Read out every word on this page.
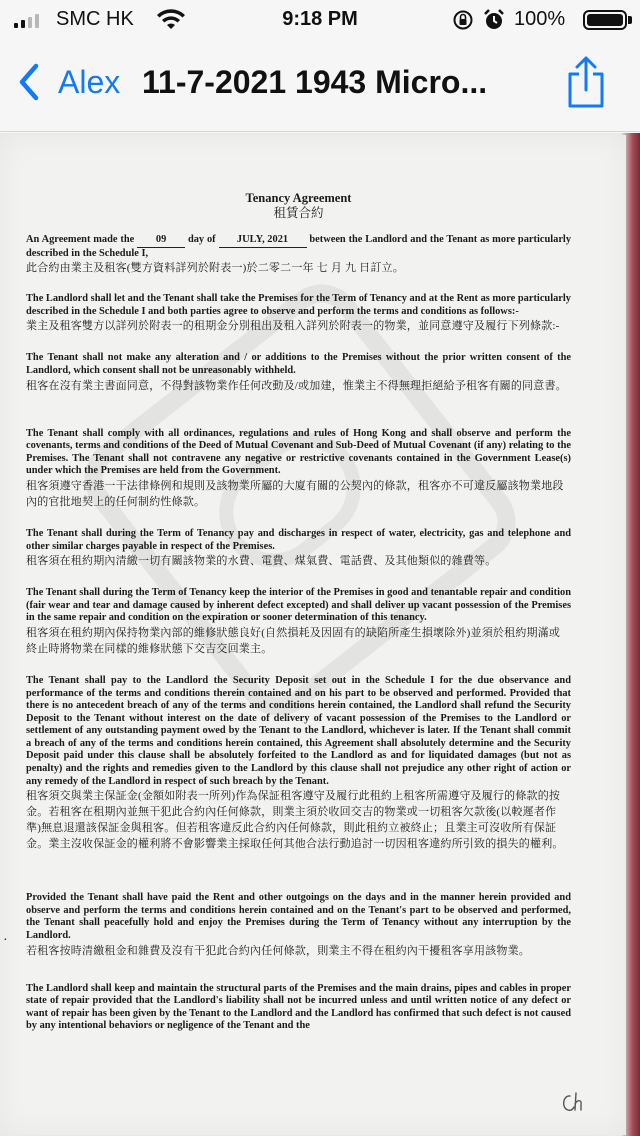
SMC HK	9:18 PM	100%
Alex 11-7-2021 1943 Micro...
Tenancy Agreement
租賃合約
An Agreement made the 09 day of JULY, 2021 between the Landlord and the Tenant as more particularly described in the Schedule I,
此合約由業主及租客(雙方資料詳列於附表一)於二零二一年 七 月 九 日訂立。
The Landlord shall let and the Tenant shall take the Premises for the Term of Tenancy and at the Rent as more particularly described in the Schedule I and both parties agree to observe and perform the terms and conditions as follows:-
業主及租客雙方以詳列於附表一的租期金分別租出及租入詳列於附表一的物業，並同意遵守及履行下列條款:-
The Tenant shall not make any alteration and / or additions to the Premises without the prior written consent of the Landlord, which consent shall not be unreasonably withheld.
租客在沒有業主書面同意，不得對該物業作任何改動及/或加建，惟業主不得無理拒絕給予租客有關的同意書。
The Tenant shall comply with all ordinances, regulations and rules of Hong Kong and shall observe and perform the covenants, terms and conditions of the Deed of Mutual Covenant and Sub-Deed of Mutual Covenant (if any) relating to the Premises. The Tenant shall not contravene any negative or restrictive covenants contained in the Government Lease(s) under which the Premises are held from the Government.
租客須遵守香港一干法律條例和規則及該物業所屬的大廈有關的公契內的條款，租客亦不可違反屬該物業地段內的官批地契上的任何制約性條款。
The Tenant shall during the Term of Tenancy pay and discharges in respect of water, electricity, gas and telephone and other similar charges payable in respect of the Premises.
租客須在租約期內清繳一切有關該物業的水費、電費、煤氣費、電話費、及其他類似的雜費等。
The Tenant shall during the Term of Tenancy keep the interior of the Premises in good and tenantable repair and condition (fair wear and tear and damage caused by inherent defect excepted) and shall deliver up vacant possession of the Premises in the same repair and condition on the expiration or sooner determination of this tenancy.
租客須在租約期內保持物業內部的維修狀態良好(自然損耗及因固有的缺陷所產生損壞除外)並須於租約期滿或終止時將物業在同樣的維修狀態下交吉交回業主。
The Tenant shall pay to the Landlord the Security Deposit set out in the Schedule I for the due observance and performance of the terms and conditions therein contained and on his part to be observed and performed. Provided that there is no antecedent breach of any of the terms and conditions herein contained, the Landlord shall refund the Security Deposit to the Tenant without interest on the date of delivery of vacant possession of the Premises to the Landlord or settlement of any outstanding payment owed by the Tenant to the Landlord, whichever is later. If the Tenant shall commit a breach of any of the terms and conditions herein contained, this Agreement shall absolutely determine and the Security Deposit paid under this clause shall be absolutely forfeited to the Landlord as and for liquidated damages (but not as penalty) and the rights and remedies given to the Landlord by this clause shall not prejudice any other right of action or any remedy of the Landlord in respect of such breach by the Tenant.
租客須交與業主保証金(金額如附表一所列)作為保証租客遵守及履行此租約上租客所需遵守及履行的條款的按金。若租客在租期內並無干犯此合約內任何條款，則業主須於收回交吉的物業或一切租客欠款後(以較遲者作準)無息退還該保証金與租客。但若租客違反此合約內任何條款，則此租約立被終止；且業主可沒收所有保証金。業主沒收保証金的權利將不會影響業主採取任何其他合法行動追討一切因租客違約所引致的損失的權利。
Provided the Tenant shall have paid the Rent and other outgoings on the days and in the manner herein provided and observe and perform the terms and conditions herein contained and on the Tenant's part to be observed and performed, the Tenant shall peacefully hold and enjoy the Premises during the Term of Tenancy without any interruption by the Landlord.
若租客按時清繳租金和雜費及沒有干犯此合約內任何條款，則業主不得在租約內干擾租客享用該物業。
The Landlord shall keep and maintain the structural parts of the Premises and the main drains, pipes and cables in proper state of repair provided that the Landlord's liability shall not be incurred unless and until written notice of any defect or want of repair has been given by the Tenant to the Landlord and the Landlord has confirmed that such defect is not caused by any intentional behaviors or negligence of the Tenant and the
.
